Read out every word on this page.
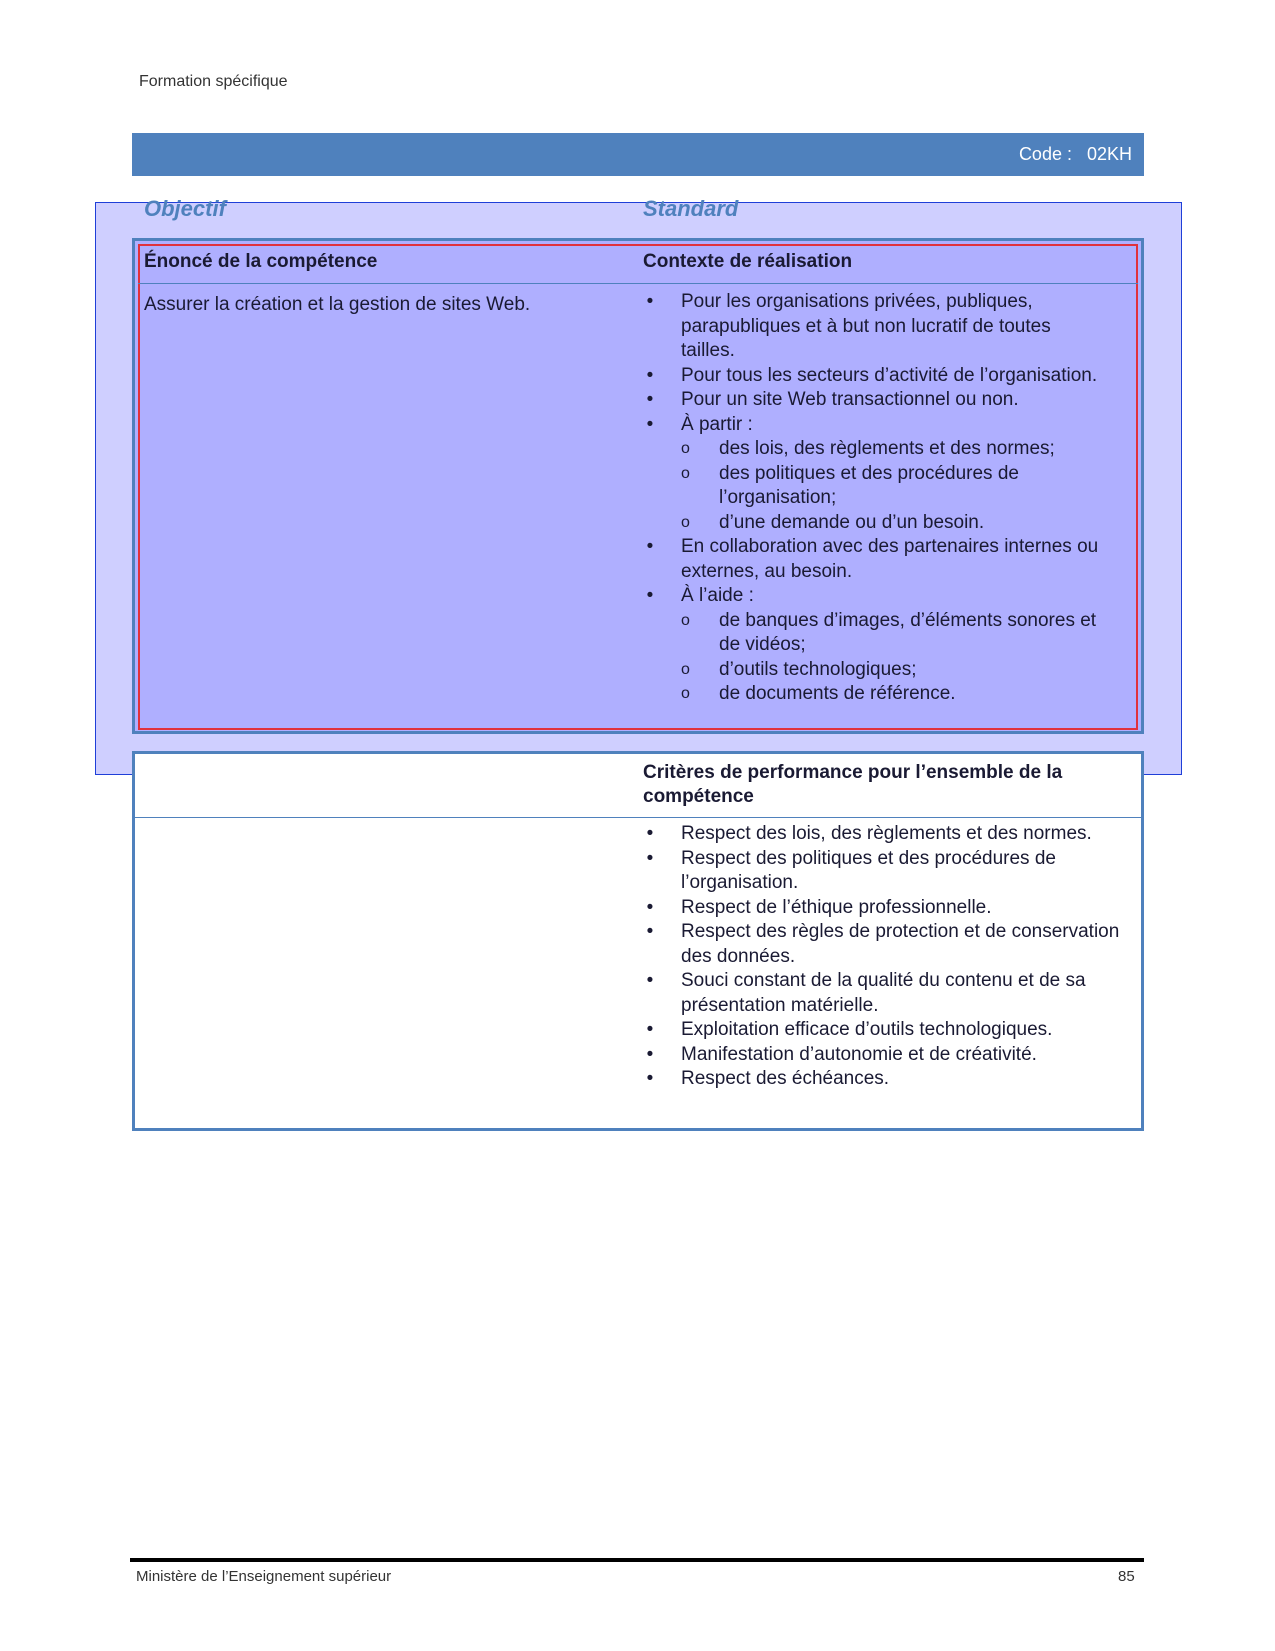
Formation spécifique
Code :   02KH
Objectif	Standard
Énoncé de la compétence	Contexte de réalisation
Assurer la création et la gestion de sites Web.	• Pour les organisations privées, publiques, parapubliques et à but non lucratif de toutes tailles.
• Pour tous les secteurs d’activité de l’organisation.
• Pour un site Web transactionnel ou non.
• À partir :
o des lois, des règlements et des normes;
o des politiques et des procédures de l’organisation;
o d’une demande ou d’un besoin.
• En collaboration avec des partenaires internes ou externes, au besoin.
• À l’aide :
o de banques d’images, d’éléments sonores et de vidéos;
o d’outils technologiques;
o de documents de référence.
Critères de performance pour l’ensemble de la compétence
• Respect des lois, des règlements et des normes.
• Respect des politiques et des procédures de l’organisation.
• Respect de l’éthique professionnelle.
• Respect des règles de protection et de conservation des données.
• Souci constant de la qualité du contenu et de sa présentation matérielle.
• Exploitation efficace d’outils technologiques.
• Manifestation d’autonomie et de créativité.
• Respect des échéances.
Ministère de l’Enseignement supérieur	85
